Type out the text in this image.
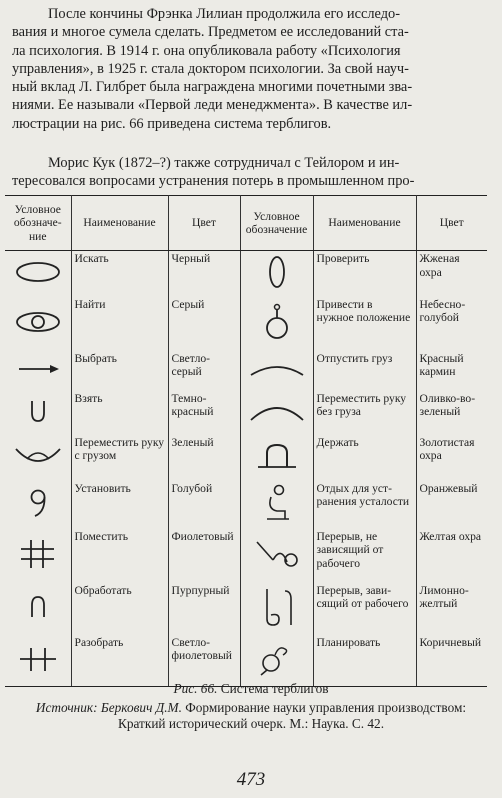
После кончины Фрэнка Лилиан продолжила его исследо-
вания и многое сумела сделать. Предметом ее исследований ста-
ла психология. В 1914 г. она опубликовала работу «Психология
управления», в 1925 г. стала доктором психологии. За свой науч-
ный вклад Л. Гилбрет была награждена многими почетными зва-
ниями. Ее называли «Первой леди менеджмента». В качестве ил-
люстрации на рис. 66 приведена система терблигов.
Морис Кук (1872–?) также сотрудничал с Тейлором и ин-
тересовался вопросами устранения потерь в промышленном про-
Условное обозначение	Наименование	Цвет	Условное обозначение	Наименование	Цвет
	Искать	Черный		Проверить	Жженая охра
	Найти	Серый		Привести в нужное положение	Небесно-голубой
	Выбрать	Светло-серый		Отпустить груз	Красный кармин
	Взять	Темно-красный		Переместить руку без груза	Оливко-во-зеленый
	Переместить руку с грузом	Зеленый		Держать	Золотистая охра
	Установить	Голубой		Отдых для устранения усталости	Оранжевый
	Поместить	Фиолетовый		Перерыв, не зависящий от рабочего	Желтая охра
	Обработать	Пурпурный		Перерыв, зависящий от рабочего	Лимонно-желтый
	Разобрать	Светло-фиолетовый		Планировать	Коричневый
Рис. 66. Система терблигов
Источник: Беркович Д.М. Формирование науки управления производством:
Краткий исторический очерк. М.: Наука. С. 42.
473
